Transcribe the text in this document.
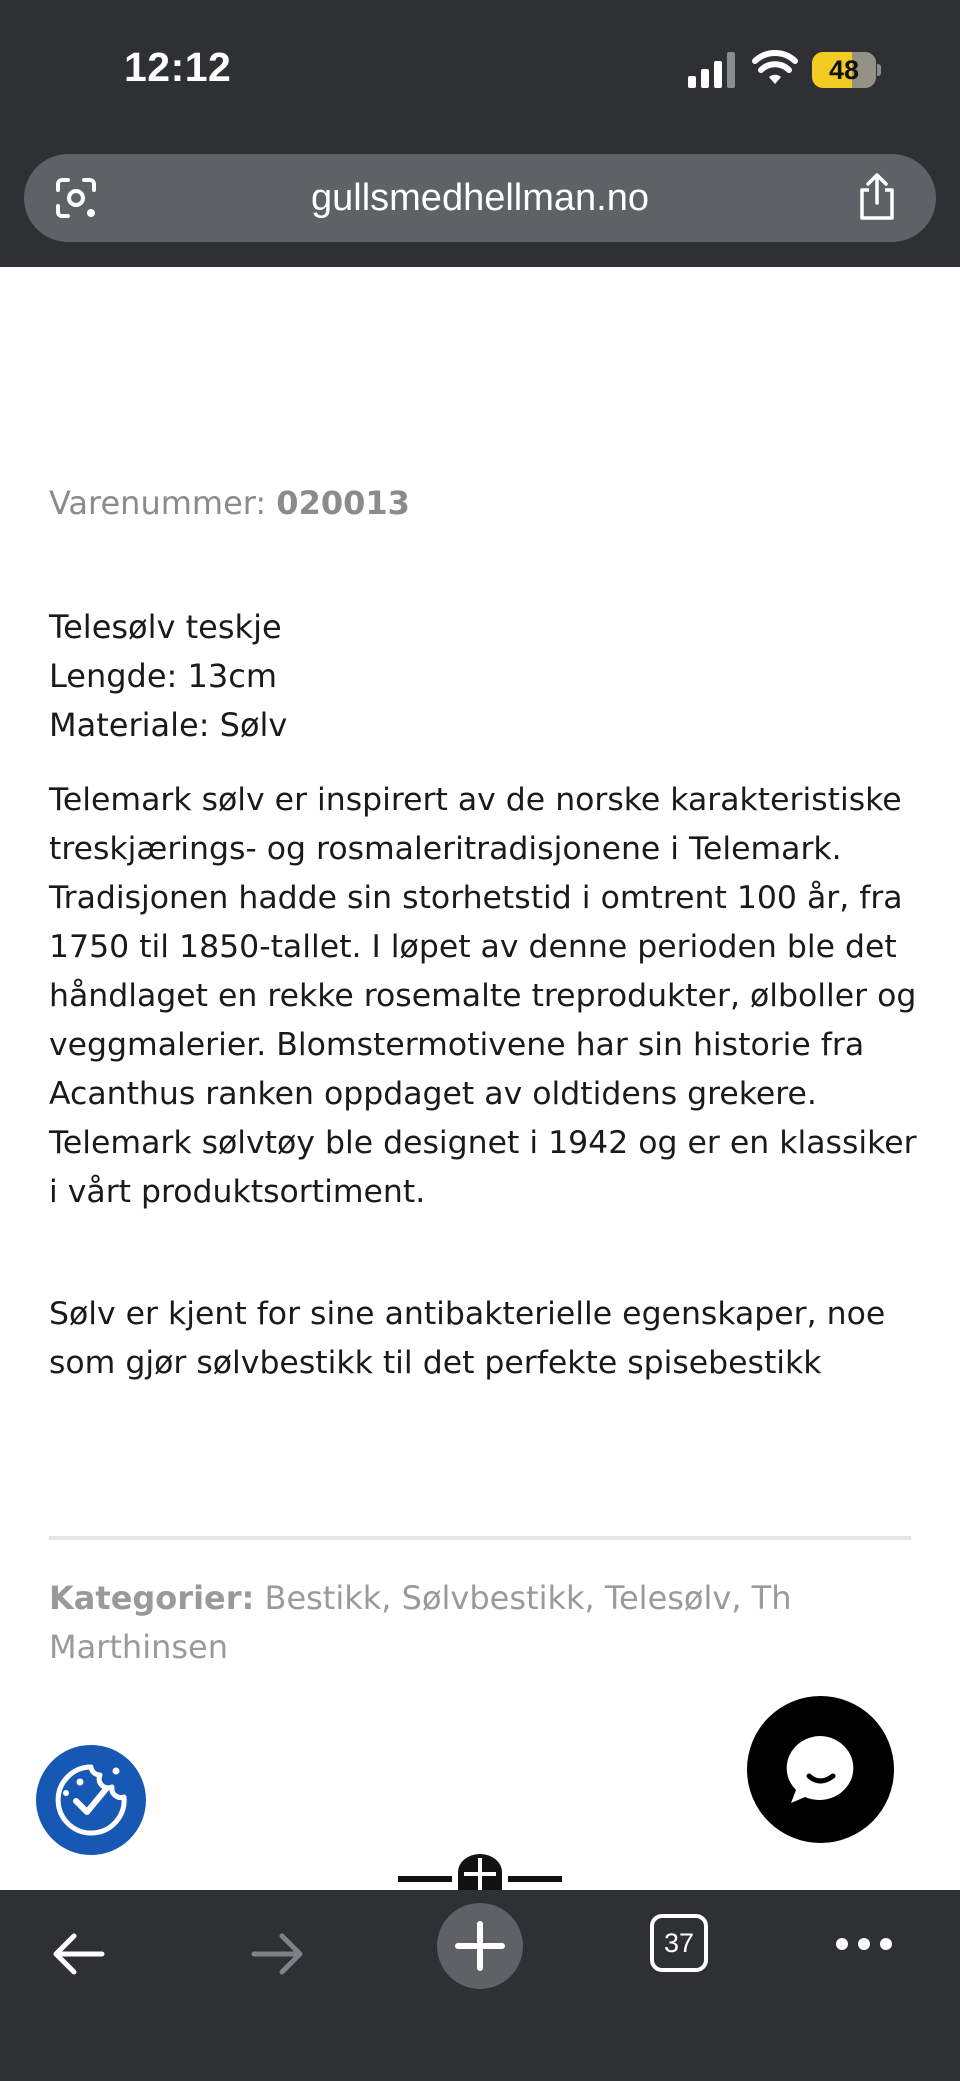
12:12	48
gullsmedhellman.no
Varenummer: 020013
Telesølv teskje
Lengde: 13cm
Materiale: Sølv

Telemark sølv er inspirert av de norske karakteristiske treskjærings- og rosmaleritradisjonene i Telemark. Tradisjonen hadde sin storhetstid i omtrent 100 år, fra 1750 til 1850-tallet. I løpet av denne perioden ble det håndlaget en rekke rosemalte treprodukter, ølboller og veggmalerier. Blomstermotivene har sin historie fra Acanthus ranken oppdaget av oldtidens grekere. Telemark sølvtøy ble designet i 1942 og er en klassiker i vårt produktsortiment.

Sølv er kjent for sine antibakterielle egenskaper, noe som gjør sølvbestikk til det perfekte spisebestikk

Kategorier: Bestikk, Sølvbestikk, Telesølv, Th Marthinsen
37
